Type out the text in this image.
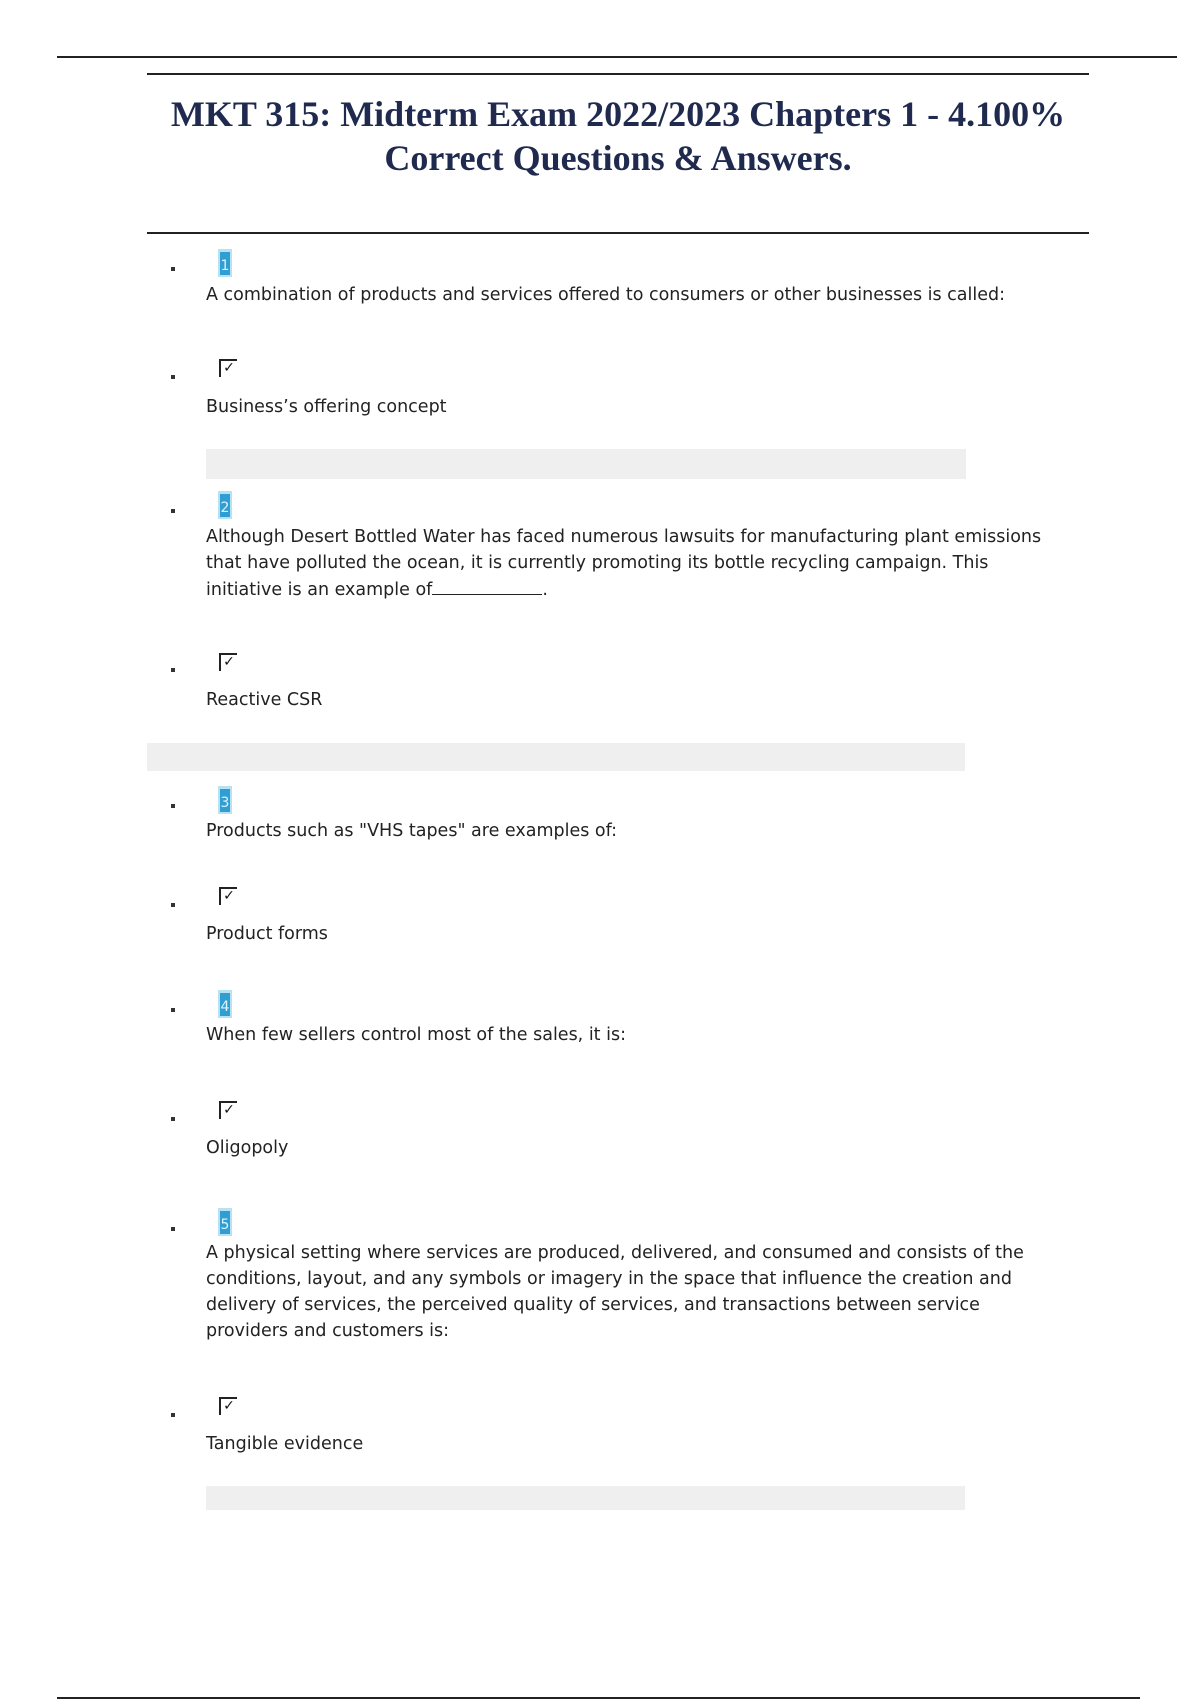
MKT 315: Midterm Exam 2022/2023 Chapters 1 - 4.100%
Correct Questions & Answers.
1
A combination of products and services offered to consumers or other businesses is called:
✓
Business’s offering concept
2
Although Desert Bottled Water has faced numerous lawsuits for manufacturing plant emissions that have polluted the ocean, it is currently promoting its bottle recycling campaign. This initiative is an example of	.
✓
Reactive CSR
3
Products such as "VHS tapes" are examples of:
✓
Product forms
4
When few sellers control most of the sales, it is:
✓
Oligopoly
5
A physical setting where services are produced, delivered, and consumed and consists of the conditions, layout, and any symbols or imagery in the space that influence the creation and delivery of services, the perceived quality of services, and transactions between service providers and customers is:
✓
Tangible evidence
